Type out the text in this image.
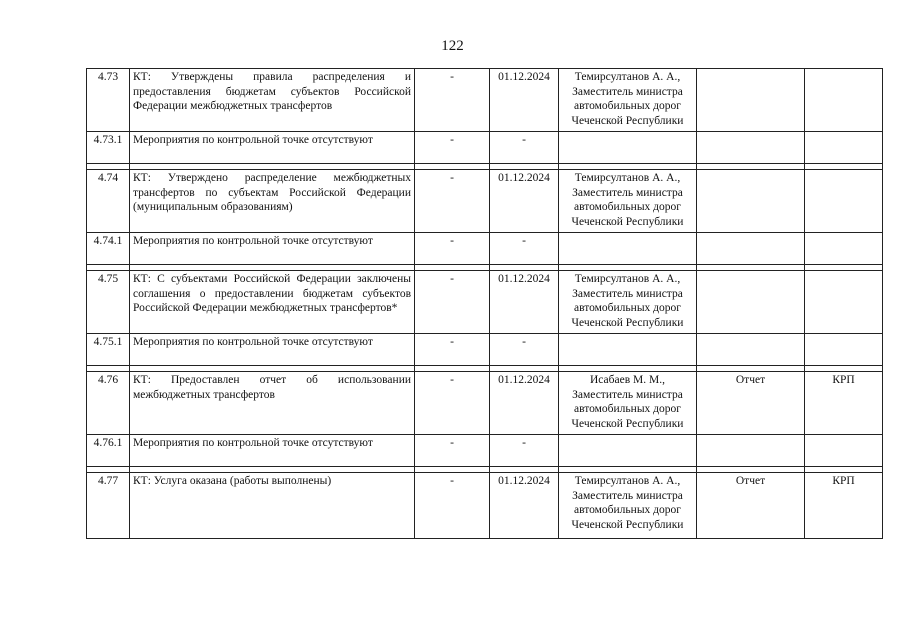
122
4.73	КТ: Утверждены правила распределения и предоставления бюджетам субъектов Российской Федерации межбюджетных трансфертов	-	01.12.2024	Темирсултанов А. А., Заместитель министра автомобильных дорог Чеченской Республики		
4.73.1	Мероприятия по контрольной точке отсутствуют	-	-			

4.74	КТ: Утверждено распределение межбюджетных трансфертов по субъектам Российской Федерации (муниципальным образованиям)	-	01.12.2024	Темирсултанов А. А., Заместитель министра автомобильных дорог Чеченской Республики		
4.74.1	Мероприятия по контрольной точке отсутствуют	-	-			

4.75	КТ: С субъектами Российской Федерации заключены соглашения о предоставлении бюджетам субъектов Российской Федерации межбюджетных трансфертов*	-	01.12.2024	Темирсултанов А. А., Заместитель министра автомобильных дорог Чеченской Республики		
4.75.1	Мероприятия по контрольной точке отсутствуют	-	-			

4.76	КТ: Предоставлен отчет об использовании межбюджетных трансфертов	-	01.12.2024	Исабаев М. М., Заместитель министра автомобильных дорог Чеченской Республики	Отчет	КРП
4.76.1	Мероприятия по контрольной точке отсутствуют	-	-			

4.77	КТ: Услуга оказана (работы выполнены)	-	01.12.2024	Темирсултанов А. А., Заместитель министра автомобильных дорог Чеченской Республики	Отчет	КРП
